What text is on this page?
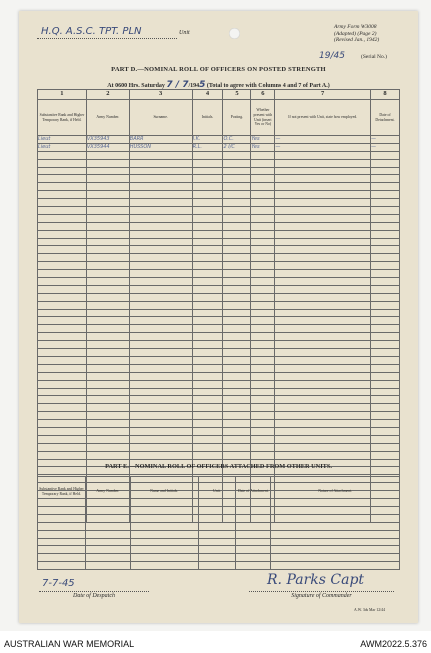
H.Q. A.S.C. TPT. PLN	Unit
Army Form W3008
(Adapted) (Page 2)
(Revised Jan., 1942)
19/45	(Serial No.)
PART D.—NOMINAL ROLL OF OFFICERS ON POSTED STRENGTH
At 0600 Hrs. Saturday 7 / 7/1945 (Total to agree with Columns 4 and 7 of Part A.)
1	2	3	4	5	6	7	8
Substantive Rank and Higher Temporary Rank, if Held.	Army Number.	Surname.	Initials.	Posting.	Whether present with Unit (insert Yes or No)	If not present with Unit, state how employed.	Date of Detachment.
Lieut	VX35943	BARR	J.K.	O.C.	Yes	—	—
Lieut	VX35944	HUSSON	R.L.	2 I/C	Yes	—	—

PART E.—NOMINAL ROLL OF OFFICERS ATTACHED FROM OTHER UNITS.
Substantive Rank and Higher Temporary Rank, if Held.	Army Number.	Name and Initials.	Unit.	Date of Attachment.	Nature of Attachment.

7-7-45
Date of Despatch
R. Parks Capt
Signature of Commander
A.W. 3ds Mar 12/44
AUSTRALIAN WAR MEMORIAL	AWM2022.5.376
